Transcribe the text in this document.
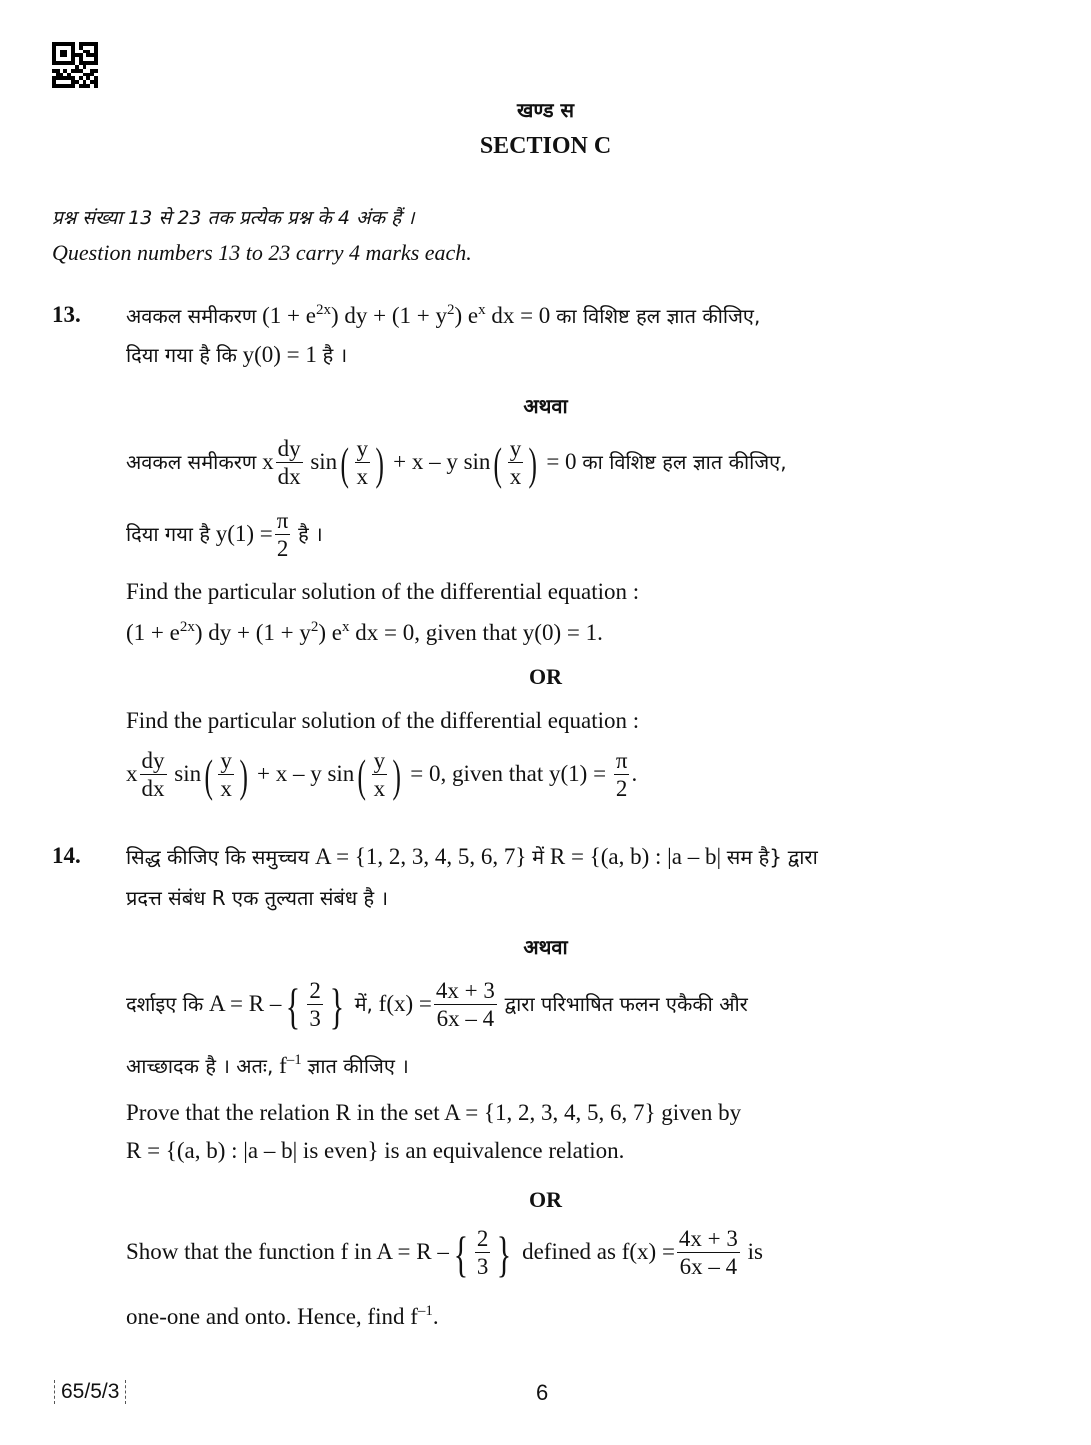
खण्ड स
SECTION C
प्रश्न संख्या 13 से 23 तक प्रत्येक प्रश्न के 4 अंक हैं ।
Question numbers 13 to 23 carry 4 marks each.
13. अवकल समीकरण $(1 + e^{2x})$ dy + $(1 + y^2)$ $e^x$ dx = 0 का विशिष्ट हल ज्ञात कीजिए,
दिया गया है कि y(0) = 1 है ।
अथवा
अवकल समीकरण x $\frac{dy}{dx} \sin( \frac{y}{x}$ ) + x – y $\sin( \frac{y}{x}$ ) = 0 का विशिष्ट हल ज्ञात कीजिए,
दिया गया है $y(1) = \frac{\pi}{2}$ है ।
Find the particular solution of the differential equation :
$(1 + e^{2x})$ dy + $(1 + y^2)$ $e^x$ dx = 0, given that y(0) = 1.
OR
Find the particular solution of the differential equation :
x $\frac{dy}{dx} \sin( \frac{y}{x}$ ) + x – y $\sin( \frac{y}{x}$ ) = 0, given that $y(1) = \frac{\pi}{2}$ .
14. सिद्ध कीजिए कि समुच्चय A = {1, 2, 3, 4, 5, 6, 7} में R = {(a, b) : |a – b| सम है} द्वारा
प्रदत्त संबंध R एक तुल्यता संबंध है ।
अथवा
दर्शाइए कि A = R –{ $\frac{2}{3}$ } में, $f(x) = \frac{4x + 3}{6x - 4}$ द्वारा परिभाषित फलन एकैकी और
आच्छादक है । अतः, $f^{-1}$ ज्ञात कीजिए ।
Prove that the relation R in the set A = {1, 2, 3, 4, 5, 6, 7} given by
R = {(a, b) : |a – b| is even} is an equivalence relation.
OR
Show that the function f in A = R –{ $\frac{2}{3}$ } defined as $f(x) = \frac{4x + 3}{6x - 4}$ is
one-one and onto. Hence, find $f^{-1}$.
65/5/3	6
